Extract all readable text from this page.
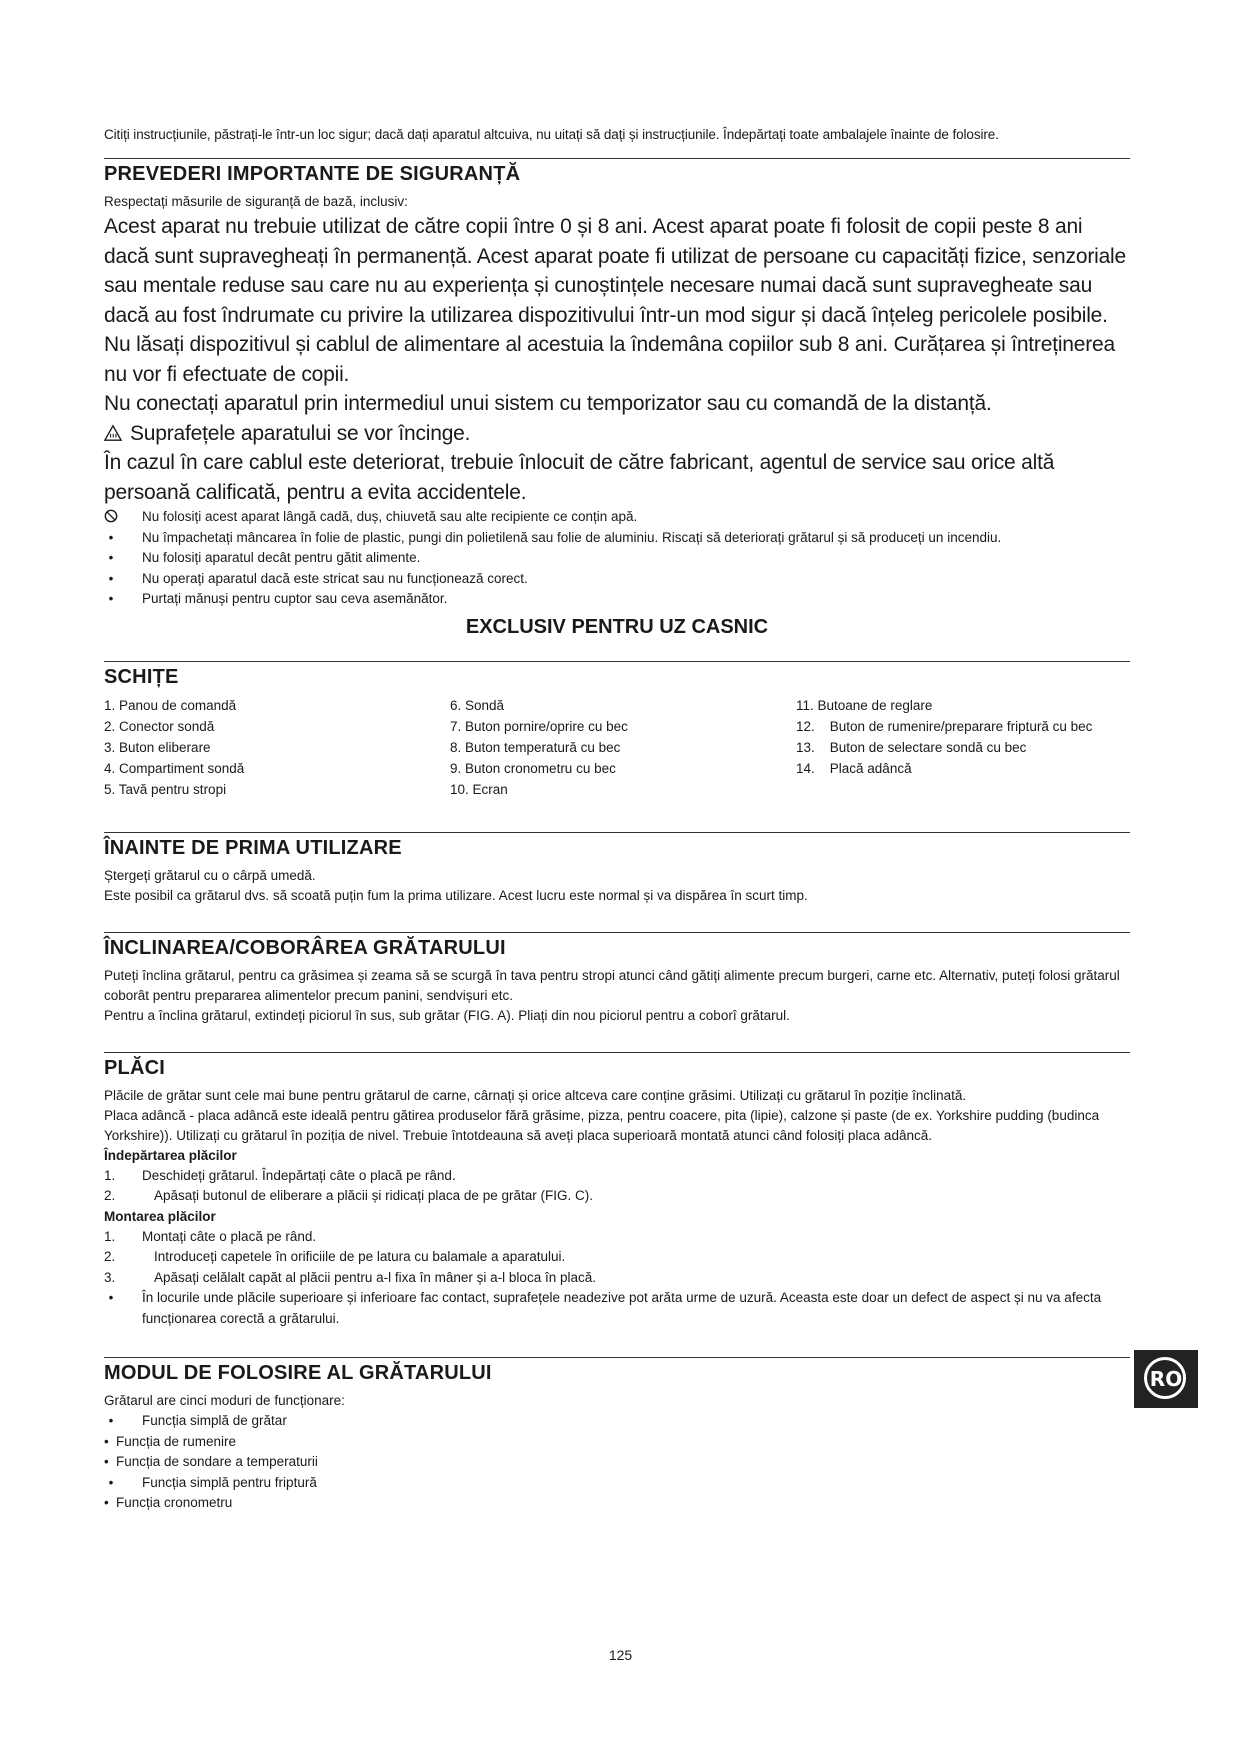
Citiți instrucțiunile, păstrați-le într-un loc sigur; dacă dați aparatul altcuiva, nu uitați să dați și instrucțiunile. Îndepărtați toate ambalajele înainte de folosire.

PREVEDERI IMPORTANTE DE SIGURANȚĂ

Respectați măsurile de siguranță de bază, inclusiv:

Acest aparat nu trebuie utilizat de către copii între 0 și 8 ani. Acest aparat poate fi folosit de copii peste 8 ani dacă sunt supravegheați în permanență. Acest aparat poate fi utilizat de persoane cu capacități fizice, senzoriale sau mentale reduse sau care nu au experiența și cunoștințele necesare numai dacă sunt supravegheate sau dacă au fost îndrumate cu privire la utilizarea dispozitivului într-un mod sigur și dacă înțeleg pericolele posibile. Nu lăsați dispozitivul și cablul de alimentare al acestuia la îndemâna copiilor sub 8 ani. Curățarea și întreținerea nu vor fi efectuate de copii.

Nu conectați aparatul prin intermediul unui sistem cu temporizator sau cu comandă de la distanță.

Suprafețele aparatului se vor încinge.

În cazul în care cablul este deteriorat, trebuie înlocuit de către fabricant, agentul de service sau orice altă persoană calificată, pentru a evita accidentele.

Nu folosiți acest aparat lângă cadă, duș, chiuvetă sau alte recipiente ce conțin apă.
•	Nu împachetați mâncarea în folie de plastic, pungi din polietilenă sau folie de aluminiu. Riscați să deteriorați grătarul și să produceți un incendiu.
•	Nu folosiți aparatul decât pentru gătit alimente.
•	Nu operați aparatul dacă este stricat sau nu funcționează corect.
•	Purtați mănuși pentru cuptor sau ceva asemănător.
EXCLUSIV PENTRU UZ CASNIC
SCHIȚE
1. Panou de comandă
2. Conector sondă
3. Buton eliberare
4. Compartiment sondă
5. Tavă pentru stropi
6. Sondă
7. Buton pornire/oprire cu bec
8. Buton temperatură cu bec
9. Buton cronometru cu bec
10. Ecran
11. Butoane de reglare
12.    Buton de rumenire/preparare friptură cu bec
13.    Buton de selectare sondă cu bec
14.    Placă adâncă
ÎNAINTE DE PRIMA UTILIZARE

Ștergeți grătarul cu o cârpă umedă.

Este posibil ca grătarul dvs. să scoată puțin fum la prima utilizare. Acest lucru este normal și va dispărea în scurt timp.

ÎNCLINAREA/COBORÂREA GRĂTARULUI

Puteți înclina grătarul, pentru ca grăsimea și zeama să se scurgă în tava pentru stropi atunci când gătiți alimente precum burgeri, carne etc. Alternativ, puteți folosi grătarul coborât pentru prepararea alimentelor precum panini, sendvișuri etc.

Pentru a înclina grătarul, extindeți piciorul în sus, sub grătar (FIG. A). Pliați din nou piciorul pentru a coborî grătarul.

PLĂCI

Plăcile de grătar sunt cele mai bune pentru grătarul de carne, cârnați și orice altceva care conține grăsimi. Utilizați cu grătarul în poziție înclinată.

Placa adâncă - placa adâncă este ideală pentru gătirea produselor fără grăsime, pizza, pentru coacere, pita (lipie), calzone și paste (de ex. Yorkshire pudding (budinca Yorkshire)). Utilizați cu grătarul în poziția de nivel. Trebuie întotdeauna să aveți placa superioară montată atunci când folosiți placa adâncă.

Îndepărtarea plăcilor

1. Deschideți grătarul. Îndepărtați câte o placă pe rând.
2.	Apăsați butonul de eliberare a plăcii și ridicați placa de pe grătar (FIG. C).

Montarea plăcilor

1. Montați câte o placă pe rând.
2.	Introduceți capetele în orificiile de pe latura cu balamale a aparatului.
3.	Apăsați celălalt capăt al plăcii pentru a-l fixa în mâner și a-l bloca în placă.
•	În locurile unde plăcile superioare și inferioare fac contact, suprafețele neadezive pot arăta urme de uzură. Aceasta este doar un defect de aspect și nu va afecta funcționarea corectă a grătarului.
MODUL DE FOLOSIRE AL GRĂTARULUI

Grătarul are cinci moduri de funcționare:

•	Funcția simplă de grătar
• Funcția de rumenire
• Funcția de sondare a temperaturii
•	Funcția simplă pentru friptură
• Funcția cronometru
RO
125
